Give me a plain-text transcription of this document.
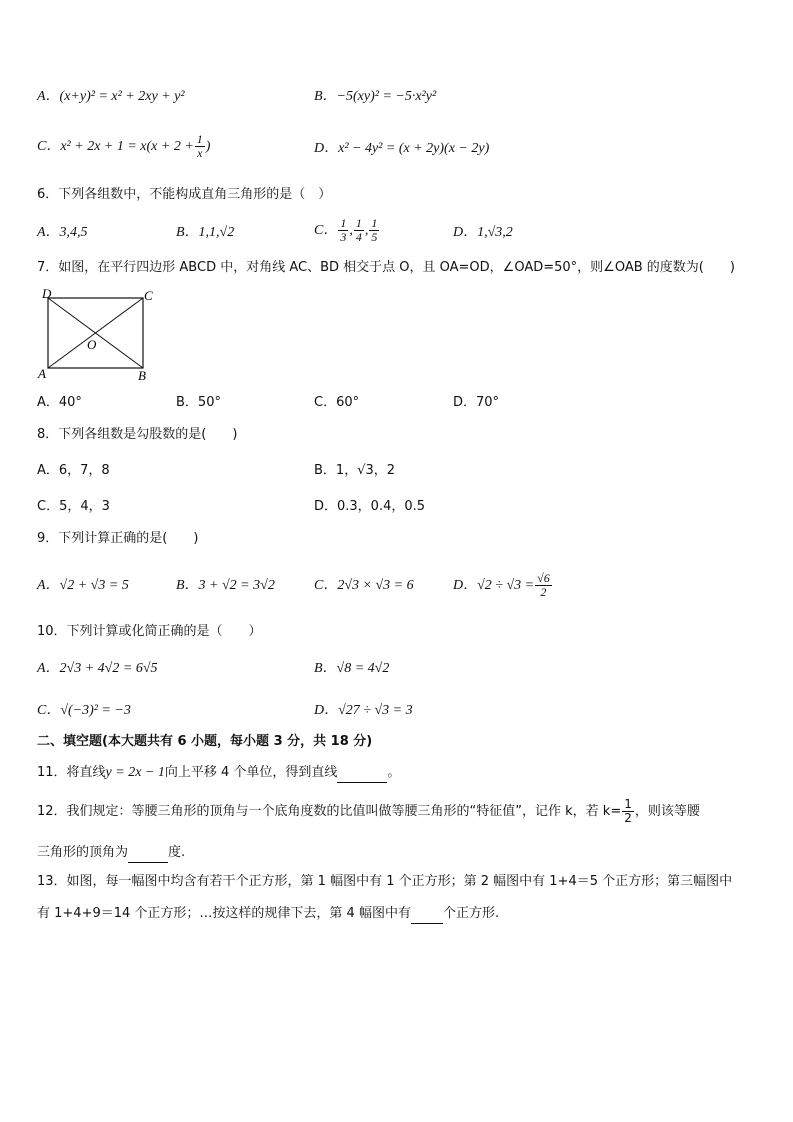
A．(x+y)² = x² + 2xy + y²	B．−5(xy)² = −5·x²y²
C．$x^2 + 2x + 1 = x(x + 2 + \frac{1}{x}$ )	D．x² − 4y² = (x + 2y)(x − 2y)
6．下列各组数中，不能构成直角三角形的是（　）
A．3,4,5	B．1,1,√2	C． $\frac{1}{3}$ , $\frac{1}{4}$ , $\frac{1}{5}$	D．1,√3,2
7．如图，在平行四边形 ABCD 中，对角线 AC、BD 相交于点 O，且 OA=OD，∠OAD=50°，则∠OAB 的度数为(　　)
D	C
A	B
O
A．40°	B．50°	C．60°	D．70°
8．下列各组数是勾股数的是(　　)
A．6，7，8	B．1，√3，2
C．5，4，3	D．0.3，0.4，0.5
9．下列计算正确的是(　　)
A．√2 + √3 = 5	B．3 + √2 = 3√2	C．2√3 × √3 = 6	D．$√2 \div √3 = \frac{√6}{2}$
10．下列计算或化简正确的是（　　）
A．2√3 + 4√2 = 6√5	B．√8 = 4√2
C．√(−3)² = −3	D．√27 ÷ √3 = 3
二、填空题(本大题共有 6 小题，每小题 3 分，共 18 分)
11．将直线y = 2x − 1向上平移 4 个单位，得到直线	。
12．我们规定：等腰三角形的顶角与一个底角度数的比值叫做等腰三角形的“特征值”，记作 k，若 $k= \frac{1}{2}$ ，则该等腰
三角形的顶角为	度.
13．如图，每一幅图中均含有若干个正方形，第 1 幅图中有 1 个正方形；第 2 幅图中有 1+4＝5 个正方形；第三幅图中
有 1+4+9＝14 个正方形；…按这样的规律下去，第 4 幅图中有 个正方形.
